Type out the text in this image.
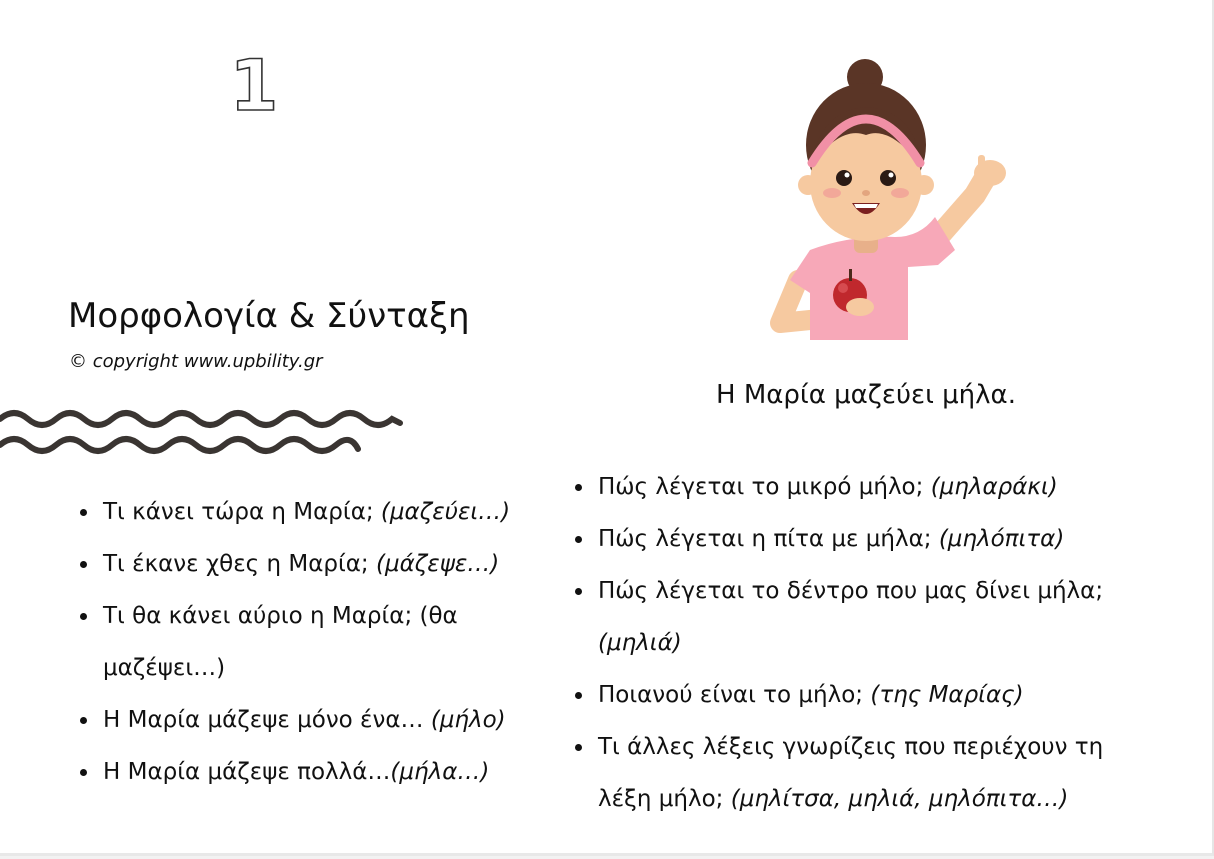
1
Μορφολογία & Σύνταξη
© copyright www.upbility.gr
Η Μαρία μαζεύει μήλα.
Τι κάνει τώρα η Μαρία; (μαζεύει…)
Τι έκανε χθες η Μαρία; (μάζεψε…)
Τι θα κάνει αύριο η Μαρία; (θα μαζέψει…)
Η Μαρία μάζεψε μόνο ένα… (μήλο)
Η Μαρία μάζεψε πολλά…(μήλα…)
Πώς λέγεται το μικρό μήλο; (μηλαράκι)
Πώς λέγεται η πίτα με μήλα; (μηλόπιτα)
Πώς λέγεται το δέντρο που μας δίνει μήλα; (μηλιά)
Ποιανού είναι το μήλο; (της Μαρίας)
Τι άλλες λέξεις γνωρίζεις που περιέχουν τη λέξη μήλο; (μηλίτσα, μηλιά, μηλόπιτα…)
